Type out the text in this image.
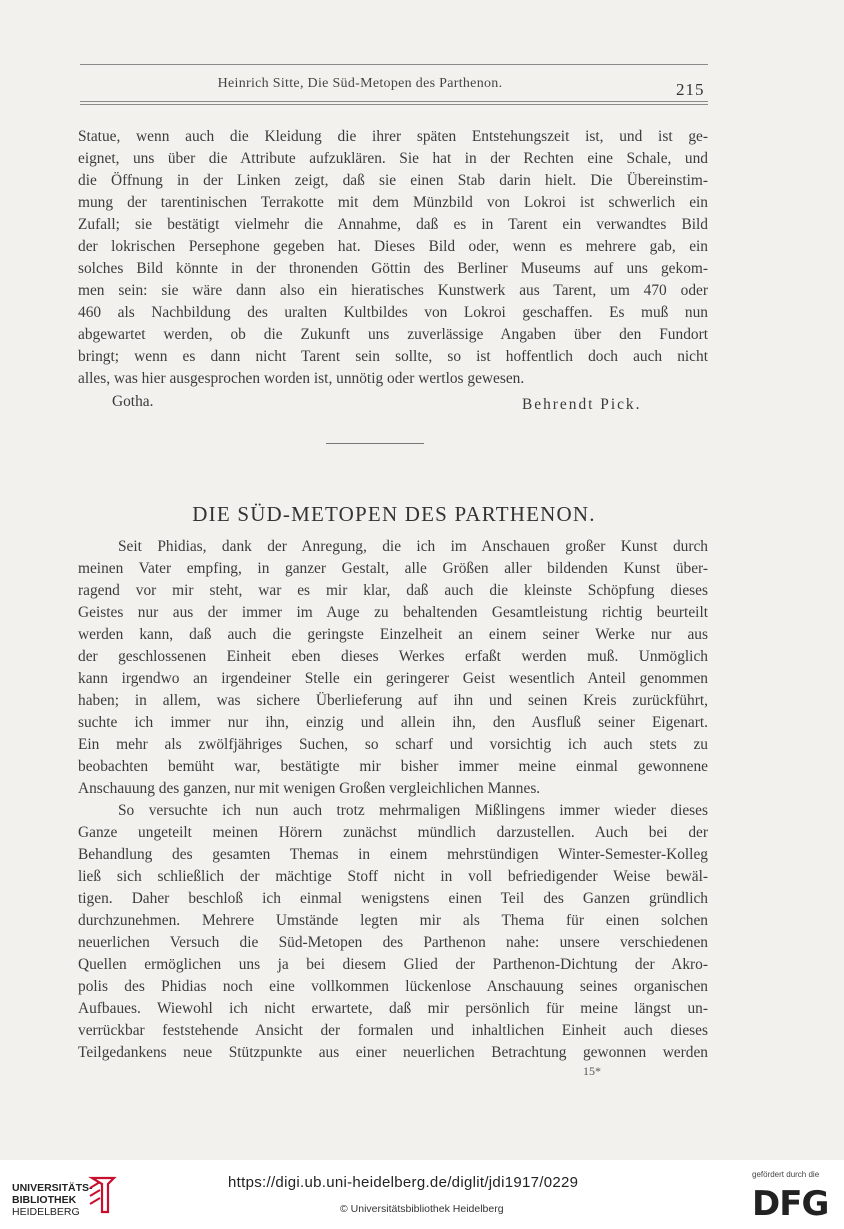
Heinrich Sitte, Die Süd-Metopen des Parthenon.	215
Statue, wenn auch die Kleidung die ihrer späten Entstehungszeit ist, und ist ge-
eignet, uns über die Attribute aufzuklären. Sie hat in der Rechten eine Schale, und
die Öffnung in der Linken zeigt, daß sie einen Stab darin hielt. Die Übereinstim-
mung der tarentinischen Terrakotte mit dem Münzbild von Lokroi ist schwerlich ein
Zufall; sie bestätigt vielmehr die Annahme, daß es in Tarent ein verwandtes Bild
der lokrischen Persephone gegeben hat. Dieses Bild oder, wenn es mehrere gab, ein
solches Bild könnte in der thronenden Göttin des Berliner Museums auf uns gekom-
men sein: sie wäre dann also ein hieratisches Kunstwerk aus Tarent, um 470 oder
460 als Nachbildung des uralten Kultbildes von Lokroi geschaffen. Es muß nun
abgewartet werden, ob die Zukunft uns zuverlässige Angaben über den Fundort
bringt; wenn es dann nicht Tarent sein sollte, so ist hoffentlich doch auch nicht
alles, was hier ausgesprochen worden ist, unnötig oder wertlos gewesen.
Gotha.	Behrendt Pick.
DIE SÜD-METOPEN DES PARTHENON.
Seit Phidias, dank der Anregung, die ich im Anschauen großer Kunst durch
meinen Vater empfing, in ganzer Gestalt, alle Größen aller bildenden Kunst über-
ragend vor mir steht, war es mir klar, daß auch die kleinste Schöpfung dieses
Geistes nur aus der immer im Auge zu behaltenden Gesamtleistung richtig beurteilt
werden kann, daß auch die geringste Einzelheit an einem seiner Werke nur aus
der geschlossenen Einheit eben dieses Werkes erfaßt werden muß. Unmöglich
kann irgendwo an irgendeiner Stelle ein geringerer Geist wesentlich Anteil genommen
haben; in allem, was sichere Überlieferung auf ihn und seinen Kreis zurückführt,
suchte ich immer nur ihn, einzig und allein ihn, den Ausfluß seiner Eigenart.
Ein mehr als zwölfjähriges Suchen, so scharf und vorsichtig ich auch stets zu
beobachten bemüht war, bestätigte mir bisher immer meine einmal gewonnene
Anschauung des ganzen, nur mit wenigen Großen vergleichlichen Mannes.
So versuchte ich nun auch trotz mehrmaligen Mißlingens immer wieder dieses
Ganze ungeteilt meinen Hörern zunächst mündlich darzustellen. Auch bei der
Behandlung des gesamten Themas in einem mehrstündigen Winter-Semester-Kolleg
ließ sich schließlich der mächtige Stoff nicht in voll befriedigender Weise bewäl-
tigen. Daher beschloß ich einmal wenigstens einen Teil des Ganzen gründlich
durchzunehmen. Mehrere Umstände legten mir als Thema für einen solchen
neuerlichen Versuch die Süd-Metopen des Parthenon nahe: unsere verschiedenen
Quellen ermöglichen uns ja bei diesem Glied der Parthenon-Dichtung der Akro-
polis des Phidias noch eine vollkommen lückenlose Anschauung seines organischen
Aufbaues. Wiewohl ich nicht erwartete, daß mir persönlich für meine längst un-
verrückbar feststehende Ansicht der formalen und inhaltlichen Einheit auch dieses
Teilgedankens neue Stützpunkte aus einer neuerlichen Betrachtung gewonnen werden
15*
UNIVERSITÄTS-
BIBLIOTHEK
HEIDELBERG
https://digi.ub.uni-heidelberg.de/diglit/jdi1917/0229
© Universitätsbibliothek Heidelberg
gefördert durch die
DFG
